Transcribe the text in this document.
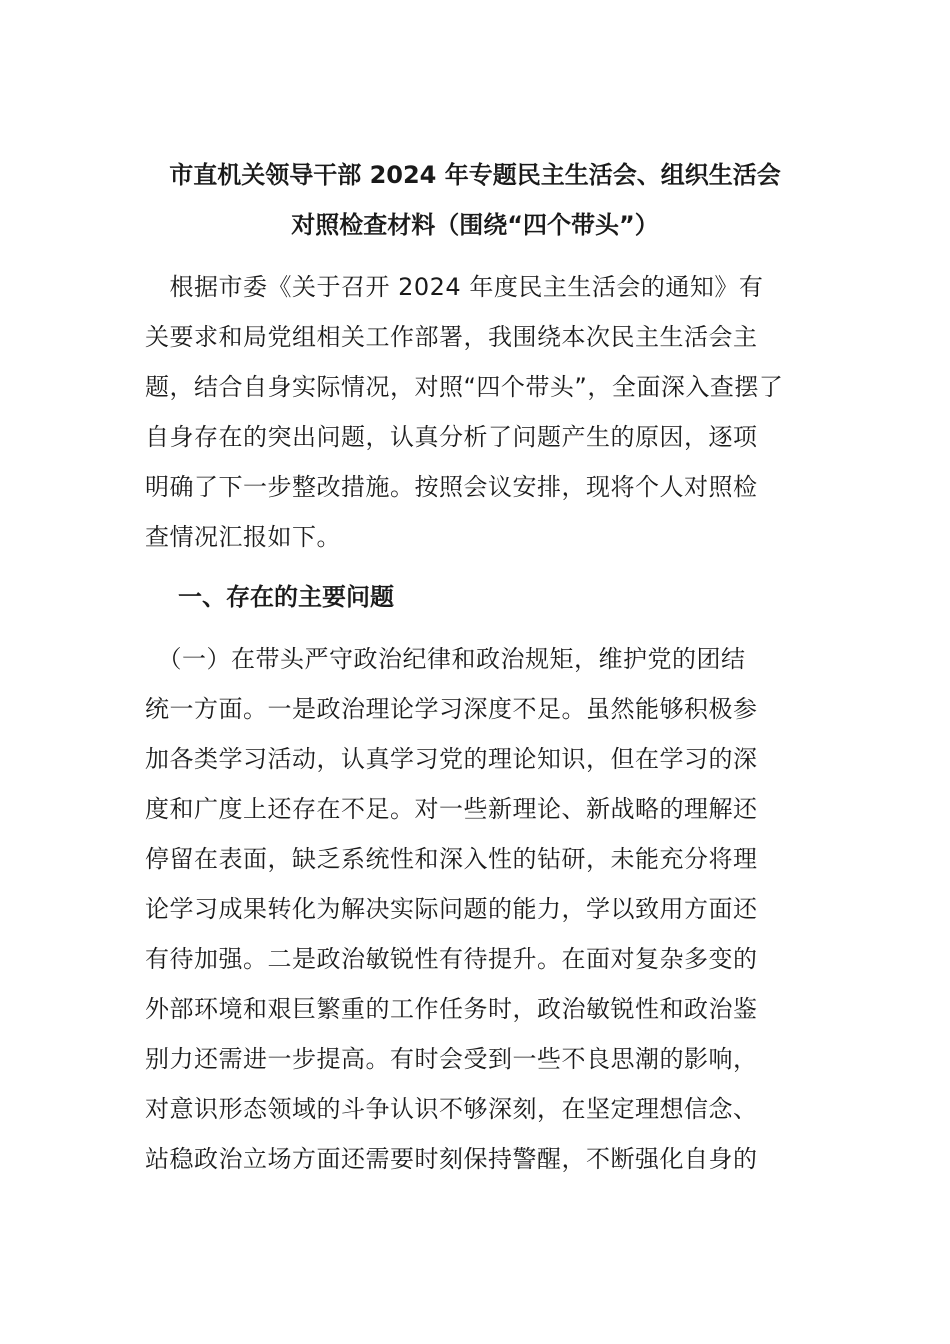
市直机关领导干部 2024 年专题民主生活会、组织生活会
对照检查材料（围绕“四个带头”）
　根据市委《关于召开 2024 年度民主生活会的通知》有
关要求和局党组相关工作部署，我围绕本次民主生活会主
题，结合自身实际情况，对照“四个带头”，全面深入查摆了
自身存在的突出问题，认真分析了问题产生的原因，逐项
明确了下一步整改措施。按照会议安排，现将个人对照检
查情况汇报如下。
一、存在的主要问题
　（一）在带头严守政治纪律和政治规矩，维护党的团结
统一方面。一是政治理论学习深度不足。虽然能够积极参
加各类学习活动，认真学习党的理论知识，但在学习的深
度和广度上还存在不足。对一些新理论、新战略的理解还
停留在表面，缺乏系统性和深入性的钻研，未能充分将理
论学习成果转化为解决实际问题的能力，学以致用方面还
有待加强。二是政治敏锐性有待提升。在面对复杂多变的
外部环境和艰巨繁重的工作任务时，政治敏锐性和政治鉴
别力还需进一步提高。有时会受到一些不良思潮的影响，
对意识形态领域的斗争认识不够深刻，在坚定理想信念、
站稳政治立场方面还需要时刻保持警醒，不断强化自身的
